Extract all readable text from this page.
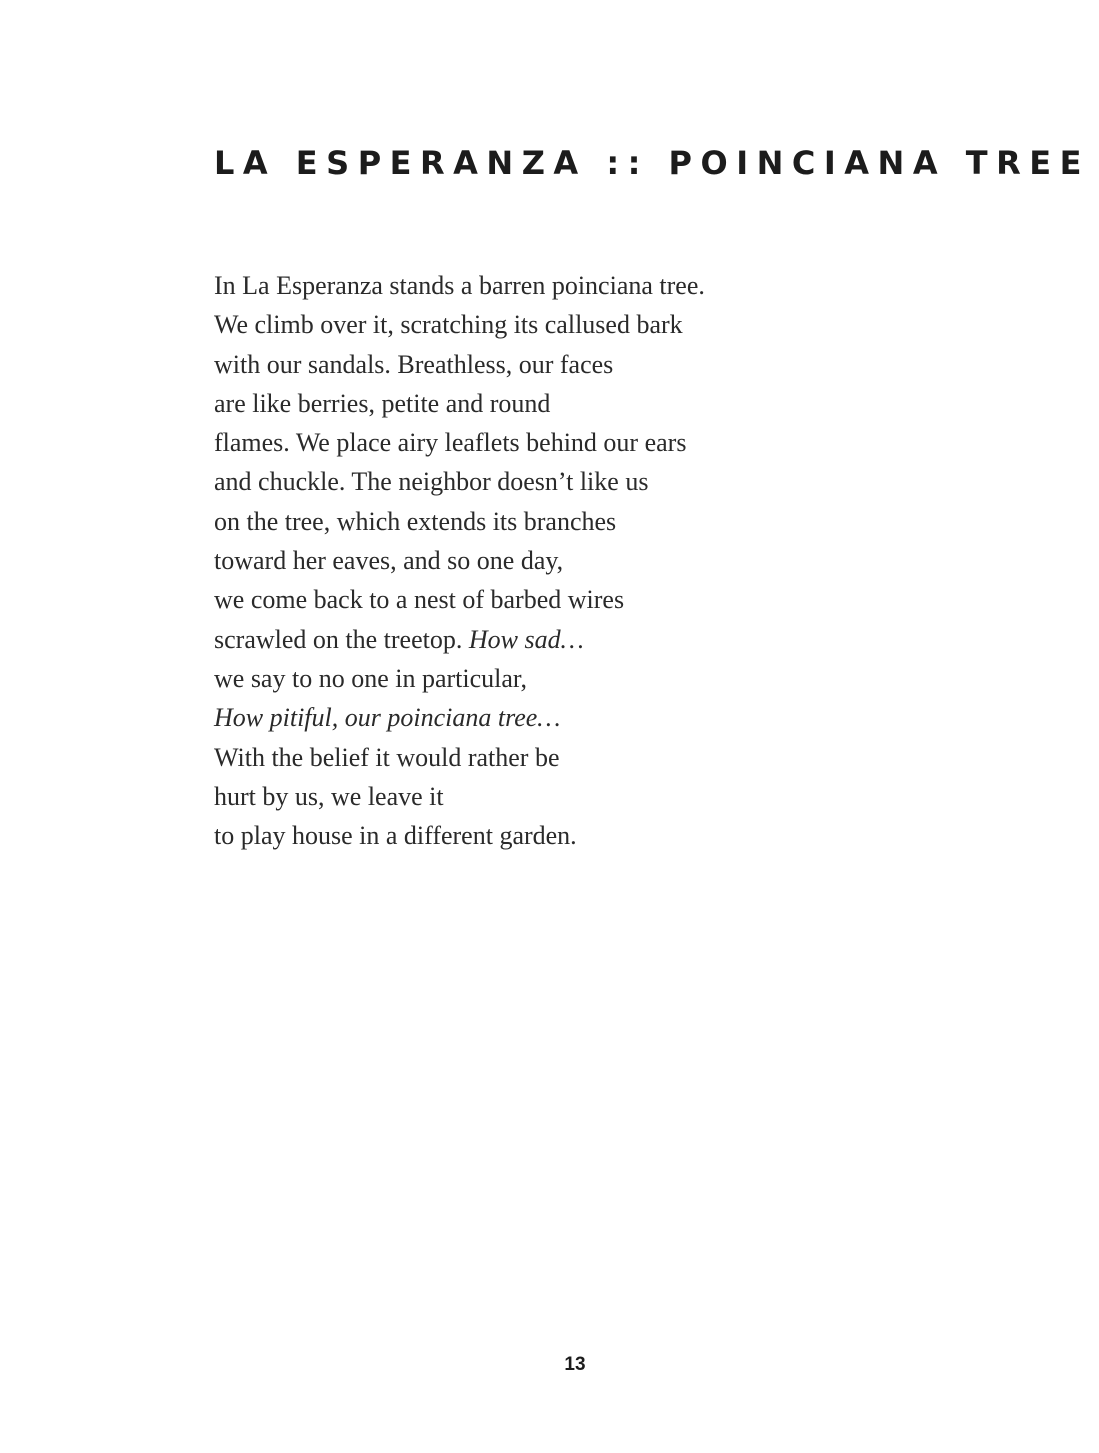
LA ESPERANZA :: POINCIANA TREE
In La Esperanza stands a barren poinciana tree.
We climb over it, scratching its callused bark
with our sandals. Breathless, our faces
are like berries, petite and round
flames. We place airy leaflets behind our ears
and chuckle. The neighbor doesn’t like us
on the tree, which extends its branches
toward her eaves, and so one day,
we come back to a nest of barbed wires
scrawled on the treetop. How sad…
we say to no one in particular,
How pitiful, our poinciana tree…
With the belief it would rather be
hurt by us, we leave it
to play house in a different garden.
13
